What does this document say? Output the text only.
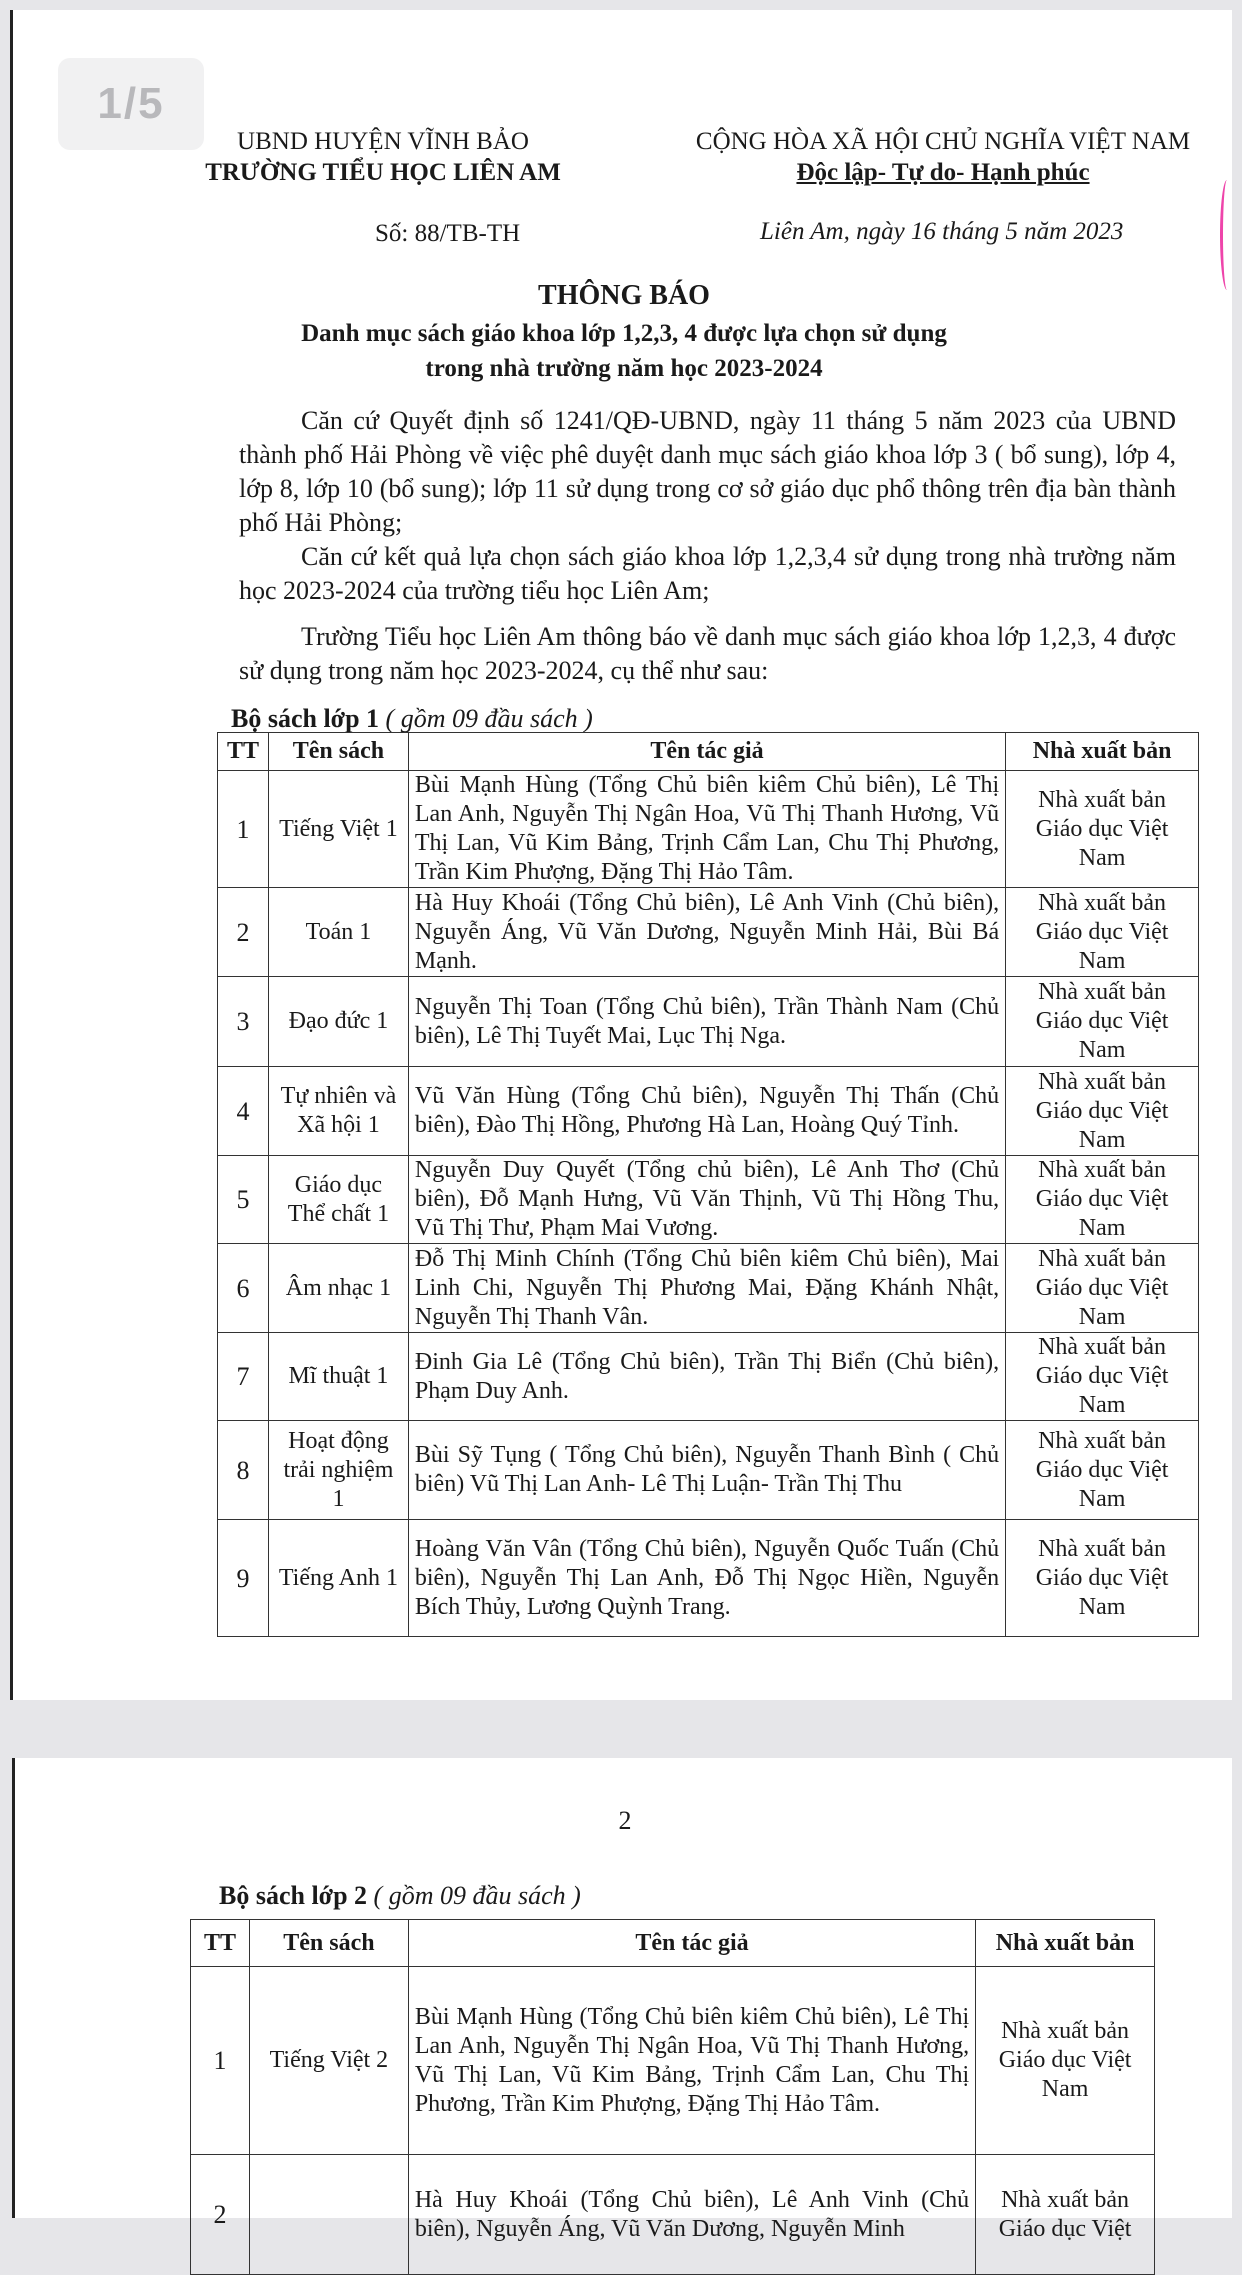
UBND HUYỆN VĨNH BẢO
TRƯỜNG TIỂU HỌC LIÊN AM
CỘNG HÒA XÃ HỘI CHỦ NGHĨA VIỆT NAM
Độc lập- Tự do- Hạnh phúc
Số: 88/TB-TH	Liên Am, ngày 16 tháng 5 năm 2023
THÔNG BÁO
Danh mục sách giáo khoa lớp 1,2,3, 4 được lựa chọn sử dụng
trong nhà trường năm học 2023-2024

Căn cứ Quyết định số 1241/QĐ-UBND, ngày 11 tháng 5 năm 2023 của UBND thành phố Hải Phòng về việc phê duyệt danh mục sách giáo khoa lớp 3 ( bổ sung), lớp 4, lớp 8, lớp 10 (bổ sung); lớp 11 sử dụng trong cơ sở giáo dục phổ thông trên địa bàn thành phố Hải Phòng;

Căn cứ kết quả lựa chọn sách giáo khoa lớp 1,2,3,4 sử dụng trong nhà trường năm học 2023-2024 của trường tiểu học Liên Am;

Trường Tiểu học Liên Am thông báo về danh mục sách giáo khoa lớp 1,2,3, 4 được sử dụng trong năm học 2023-2024, cụ thể như sau:

Bộ sách lớp 1 ( gồm 09 đầu sách )
TT	Tên sách	Tên tác giả	Nhà xuất bản
1	Tiếng Việt 1	Bùi Mạnh Hùng (Tổng Chủ biên kiêm Chủ biên), Lê Thị Lan Anh, Nguyễn Thị Ngân Hoa, Vũ Thị Thanh Hương, Vũ Thị Lan, Vũ Kim Bảng, Trịnh Cẩm Lan, Chu Thị Phương, Trần Kim Phượng, Đặng Thị Hảo Tâm.	Nhà xuất bản Giáo dục Việt Nam
2	Toán 1	Hà Huy Khoái (Tổng Chủ biên), Lê Anh Vinh (Chủ biên), Nguyễn Áng, Vũ Văn Dương, Nguyễn Minh Hải, Bùi Bá Mạnh.	Nhà xuất bản Giáo dục Việt Nam
3	Đạo đức 1	Nguyễn Thị Toan (Tổng Chủ biên), Trần Thành Nam (Chủ biên), Lê Thị Tuyết Mai, Lục Thị Nga.	Nhà xuất bản Giáo dục Việt Nam
4	Tự nhiên và Xã hội 1	Vũ Văn Hùng (Tổng Chủ biên), Nguyễn Thị Thấn (Chủ biên), Đào Thị Hồng, Phương Hà Lan, Hoàng Quý Tỉnh.	Nhà xuất bản Giáo dục Việt Nam
5	Giáo dục Thể chất 1	Nguyễn Duy Quyết (Tổng chủ biên), Lê Anh Thơ (Chủ biên), Đỗ Mạnh Hưng, Vũ Văn Thịnh, Vũ Thị Hồng Thu, Vũ Thị Thư, Phạm Mai Vương.	Nhà xuất bản Giáo dục Việt Nam
6	Âm nhạc 1	Đỗ Thị Minh Chính (Tổng Chủ biên kiêm Chủ biên), Mai Linh Chi, Nguyễn Thị Phương Mai, Đặng Khánh Nhật, Nguyễn Thị Thanh Vân.	Nhà xuất bản Giáo dục Việt Nam
7	Mĩ thuật 1	Đinh Gia Lê (Tổng Chủ biên), Trần Thị Biển (Chủ biên), Phạm Duy Anh.	Nhà xuất bản Giáo dục Việt Nam
8	Hoạt động trải nghiệm 1	Bùi Sỹ Tụng ( Tổng Chủ biên), Nguyễn Thanh Bình ( Chủ biên) Vũ Thị Lan Anh- Lê Thị Luận- Trần Thị Thu	Nhà xuất bản Giáo dục Việt Nam
9	Tiếng Anh 1	Hoàng Văn Vân (Tổng Chủ biên), Nguyễn Quốc Tuấn (Chủ biên), Nguyễn Thị Lan Anh, Đỗ Thị Ngọc Hiền, Nguyễn Bích Thủy, Lương Quỳnh Trang.	Nhà xuất bản Giáo dục Việt Nam
2
Bộ sách lớp 2 ( gồm 09 đầu sách )
TT	Tên sách	Tên tác giả	Nhà xuất bản
1	Tiếng Việt 2	Bùi Mạnh Hùng (Tổng Chủ biên kiêm Chủ biên), Lê Thị Lan Anh, Nguyễn Thị Ngân Hoa, Vũ Thị Thanh Hương, Vũ Thị Lan, Vũ Kim Bảng, Trịnh Cẩm Lan, Chu Thị Phương, Trần Kim Phượng, Đặng Thị Hảo Tâm.	Nhà xuất bản Giáo dục Việt Nam
2		Hà Huy Khoái (Tổng Chủ biên), Lê Anh Vinh (Chủ biên), Nguyễn Áng, Vũ Văn Dương, Nguyễn Minh	Nhà xuất bản Giáo dục Việt
1/5
